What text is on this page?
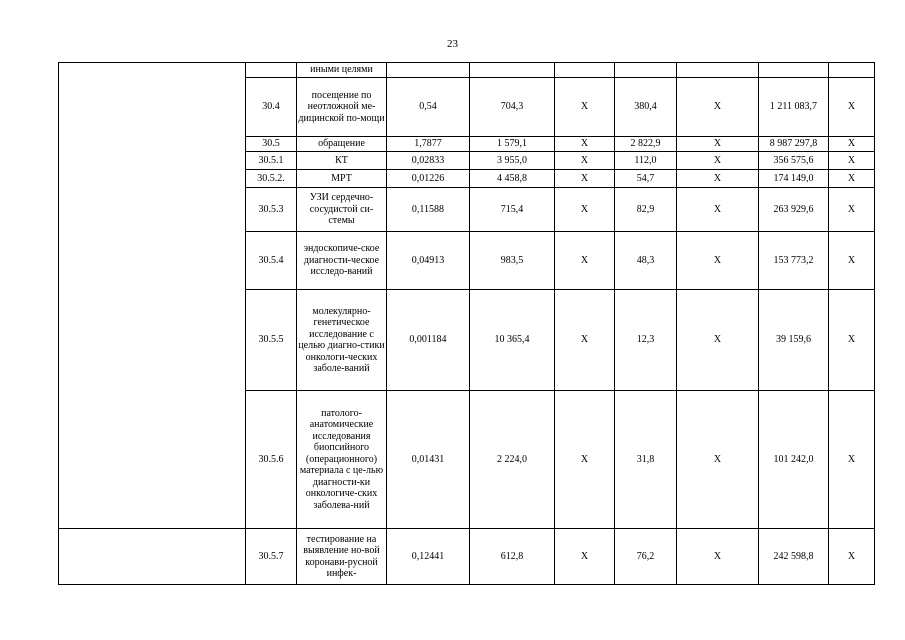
23
		иными целями							
	30.4	посещение по неотложной ме-дицинской по-мощи	0,54	704,3	X	380,4	X	1 211 083,7	X
	30.5	обращение	1,7877	1 579,1	X	2 822,9	X	8 987 297,8	X
	30.5.1	КТ	0,02833	3 955,0	X	112,0	X	356 575,6	X
	30.5.2.	МРТ	0,01226	4 458,8	X	54,7	X	174 149,0	X
	30.5.3	УЗИ сердечно-сосудистой си-стемы	0,11588	715,4	X	82,9	X	263 929,6	X
	30.5.4	эндоскопиче-ское диагности-ческое исследо-ваний	0,04913	983,5	X	48,3	X	153 773,2	X
	30.5.5	молекулярно-генетическое исследование с целью диагно-стики онкологи-ческих заболе-ваний	0,001184	10 365,4	X	12,3	X	39 159,6	X
	30.5.6	патолого-анатомические исследования биопсийного (операционного) материала с це-лью диагности-ки онкологиче-ских заболева-ний	0,01431	2 224,0	X	31,8	X	101 242,0	X
	30.5.7	тестирование на выявление но-вой коронави-русной инфек-	0,12441	612,8	X	76,2	X	242 598,8	X
